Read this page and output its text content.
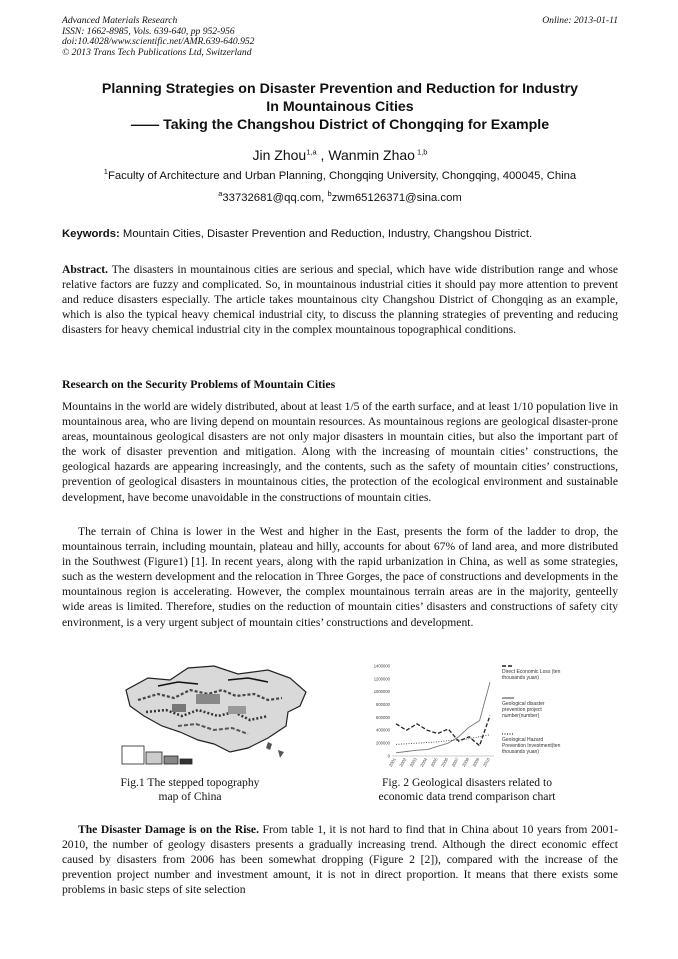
Advanced Materials Research
ISSN: 1662-8985, Vols. 639-640, pp 952-956
doi:10.4028/www.scientific.net/AMR.639-640.952
© 2013 Trans Tech Publications Ltd, Switzerland
Online: 2013-01-11
Planning Strategies on Disaster Prevention and Reduction for Industry
In Mountainous Cities
—— Taking the Changshou District of Chongqing for Example
Jin Zhou$^{1,a}$ , Wanmin Zhao $^{1,b}$
$^1$Faculty of Architecture and Urban Planning, Chongqing University, Chongqing, 400045, China
$^a$33732681@qq.com, $^b$zwm65126371@sina.com
Keywords: Mountain Cities, Disaster Prevention and Reduction, Industry, Changshou District.
Abstract. The disasters in mountainous cities are serious and special, which have wide distribution range and whose relative factors are fuzzy and complicated. So, in mountainous industrial cities it should pay more attention to prevent and reduce disasters especially. The article takes mountainous city Changshou District of Chongqing as an example, which is also the typical heavy chemical industrial city, to discuss the planning strategies of preventing and reducing disasters for heavy chemical industrial city in the complex mountainous topographical conditions.
Research on the Security Problems of Mountain Cities
Mountains in the world are widely distributed, about at least 1/5 of the earth surface, and at least 1/10 population live in mountainous area, who are living depend on mountain resources. As mountainous regions are geological disaster-prone areas, mountainous geological disasters are not only major disasters in mountain cities, but also the important part of the work of disaster prevention and mitigation. Along with the increasing of mountain cities’ constructions, the geological hazards are appearing increasingly, and the contents, such as the safety of mountain cities’ constructions, prevention of geological disasters in mountainous cities, the protection of the ecological environment and sustainable development, have become unavoidable in the constructions of mountain cities.
The terrain of China is lower in the West and higher in the East, presents the form of the ladder to drop, the mountainous terrain, including mountain, plateau and hilly, accounts for about 67% of land area, and more distributed in the Southwest (Figure1) [1]. In recent years, along with the rapid urbanization in China, as well as some strategies, such as the western development and the relocation in Three Gorges, the pace of constructions and developments in the mountainous region is accelerating. However, the complex mountainous terrain areas are in the majority, genteelly wide areas is limited. Therefore, studies on the reduction of mountain cities’ disasters and constructions of safety city environment, is a very urgent subject of mountain cities’ constructions and development.
0
200000
400000
600000
800000
1000000
1200000
1400000
2001 2002 2003 2004 2005 2006 2007 2008 2009 2010
Direct Economic Loss (ten
thousands yuan)
Geological disaster
prevention project
number(number)
Geological Hazard
Prevention Investment(ten
thousands yuan)
Fig.1 The stepped topography
map of China
Fig. 2 Geological disasters related to
economic data trend comparison chart
The Disaster Damage is on the Rise. From table 1, it is not hard to find that in China about 10 years from 2001-2010, the number of geology disasters presents a gradually increasing trend. Although the direct economic effect caused by disasters from 2006 has been somewhat dropping (Figure 2 [2]), compared with the increase of the prevention project number and investment amount, it is not in direct proportion. It means that there exists some problems in basic steps of site selection
